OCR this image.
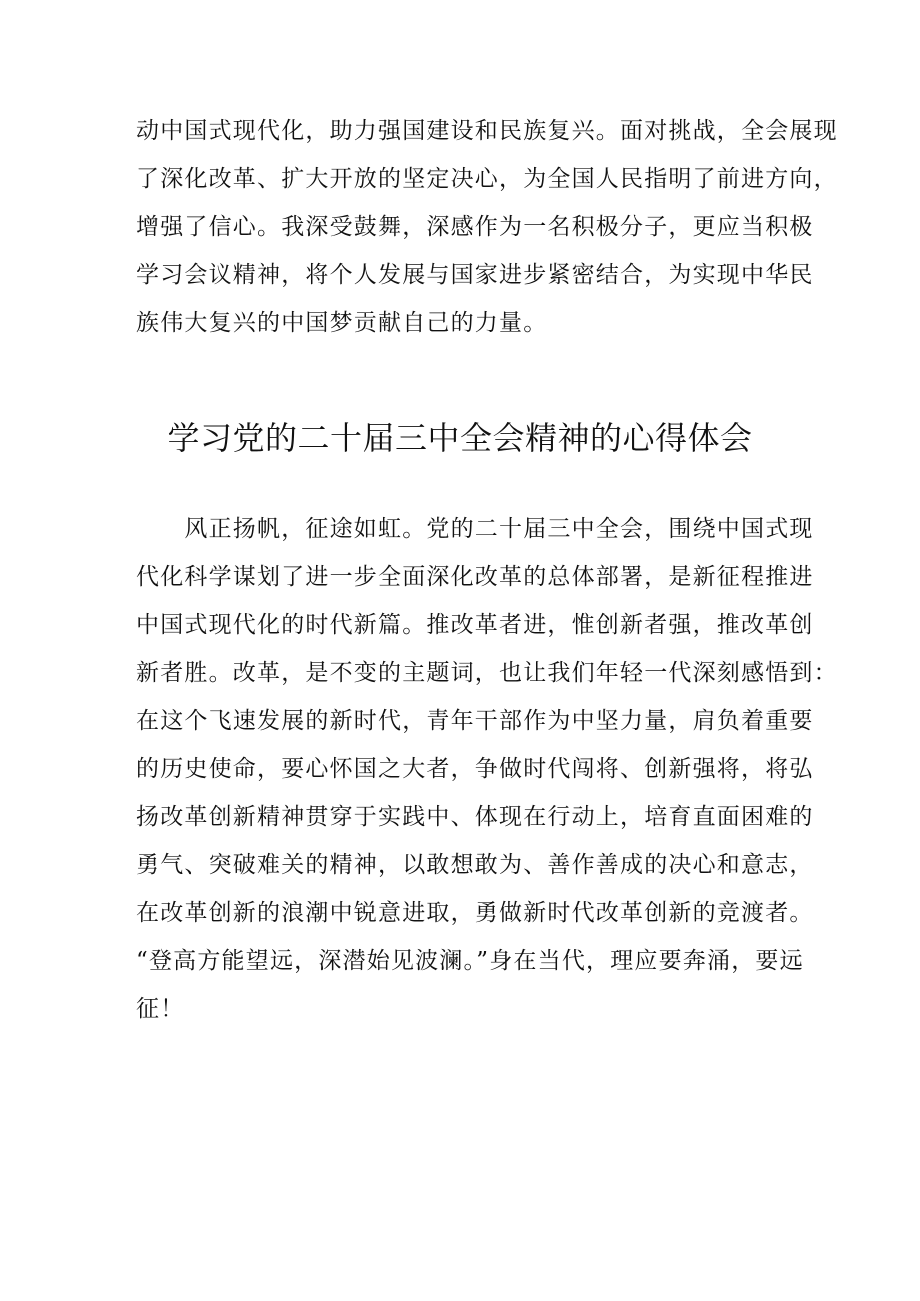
动中国式现代化，助力强国建设和民族复兴。面对挑战，全会展现
了深化改革、扩大开放的坚定决心，为全国人民指明了前进方向，
增强了信心。我深受鼓舞，深感作为一名积极分子，更应当积极
学习会议精神，将个人发展与国家进步紧密结合，为实现中华民
族伟大复兴的中国梦贡献自己的力量。
学习党的二十届三中全会精神的心得体会
　　风正扬帆，征途如虹。党的二十届三中全会，围绕中国式现
代化科学谋划了进一步全面深化改革的总体部署，是新征程推进
中国式现代化的时代新篇。推改革者进，惟创新者强，推改革创
新者胜。改革，是不变的主题词，也让我们年轻一代深刻感悟到：
在这个飞速发展的新时代，青年干部作为中坚力量，肩负着重要
的历史使命，要心怀国之大者，争做时代闯将、创新强将，将弘
扬改革创新精神贯穿于实践中、体现在行动上，培育直面困难的
勇气、突破难关的精神，以敢想敢为、善作善成的决心和意志，
在改革创新的浪潮中锐意进取，勇做新时代改革创新的竞渡者。
“登高方能望远，深潜始见波澜。”身在当代，理应要奔涌，要远
征！
